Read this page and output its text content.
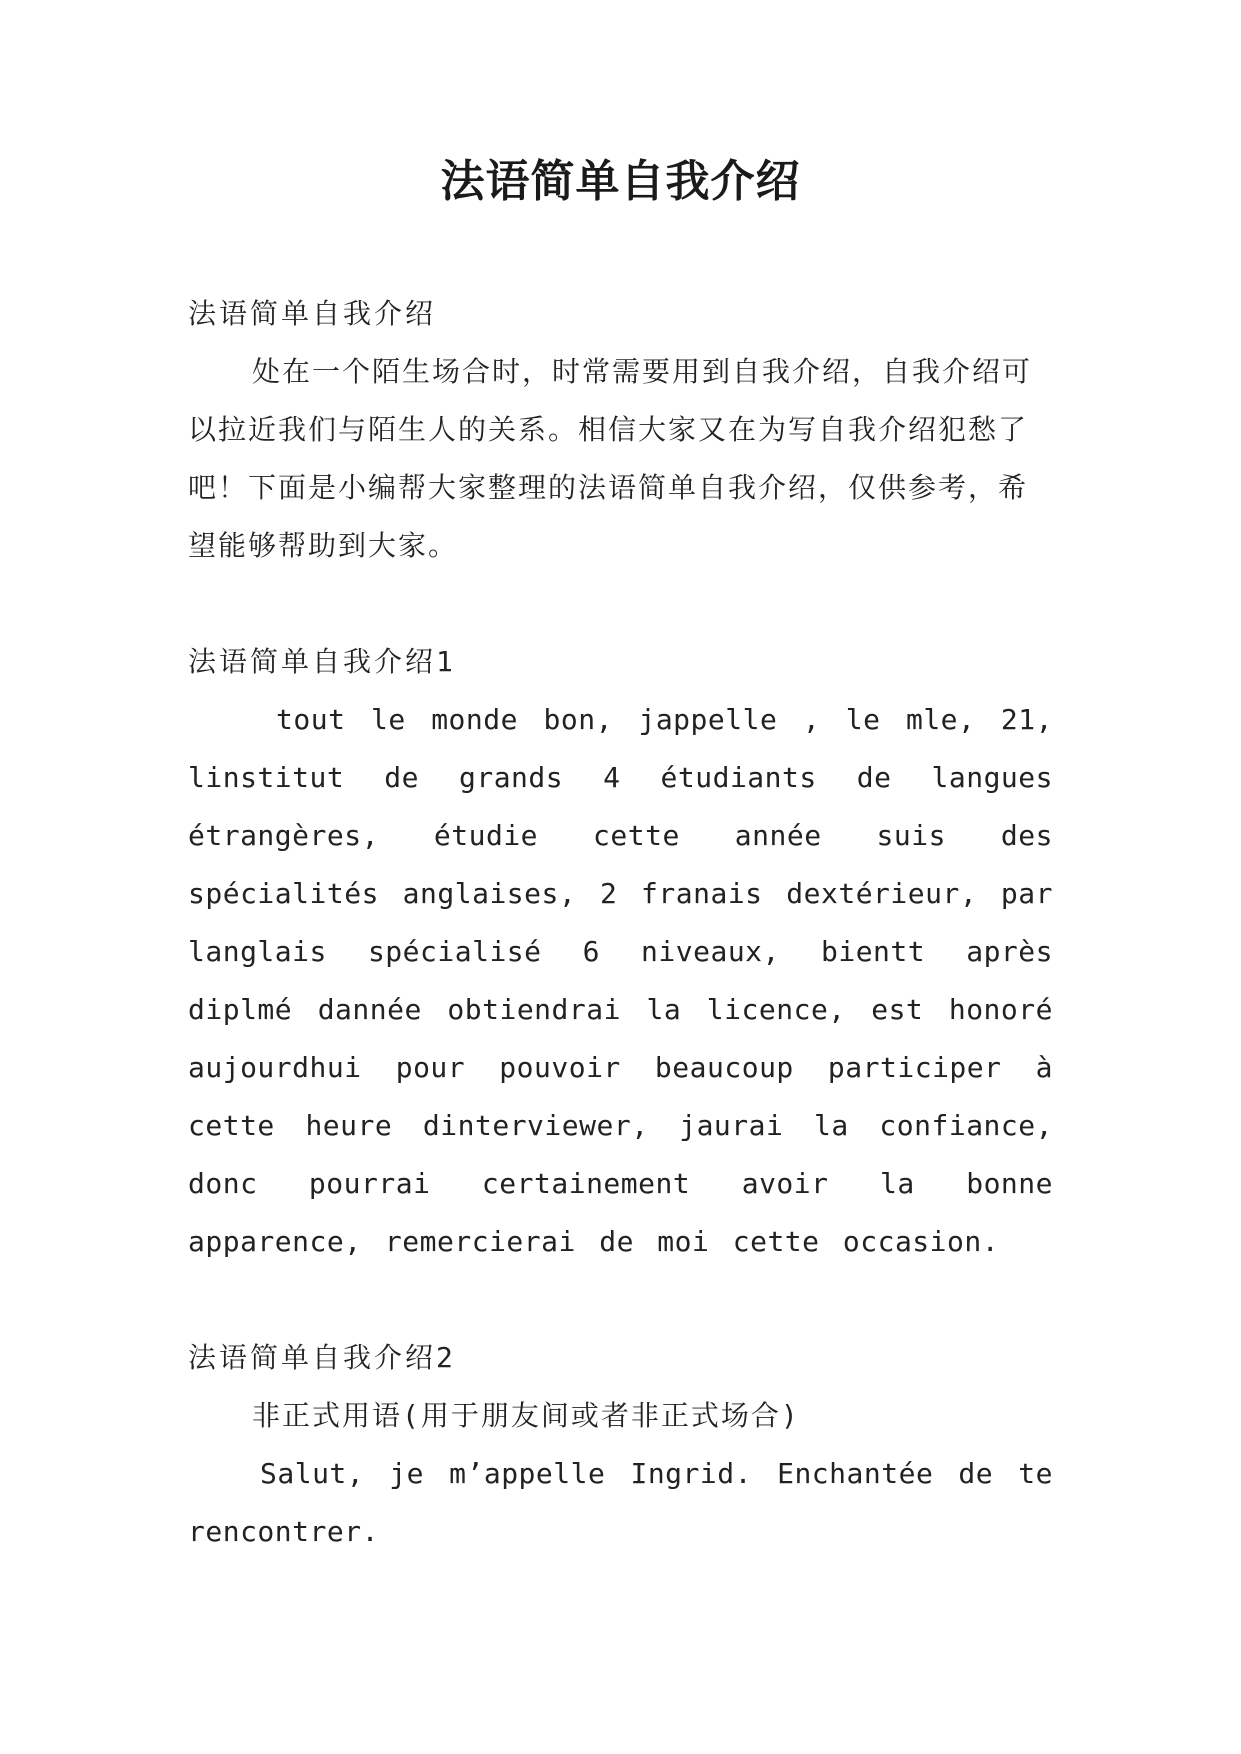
法语简单自我介绍

法语简单自我介绍

处在一个陌生场合时，时常需要用到自我介绍，自我介绍可以拉近我们与陌生人的关系。相信大家又在为写自我介绍犯愁了吧！下面是小编帮大家整理的法语简单自我介绍，仅供参考，希望能够帮助到大家。

法语简单自我介绍1

tout le monde bon, jappelle , le mle, 21, linstitut de grands 4 étudiants de langues étrangères, étudie cette année suis des spécialités anglaises, 2 franais dextérieur, par langlais spécialisé 6 niveaux, bientt après diplmé dannée obtiendrai la licence, est honoré aujourdhui pour pouvoir beaucoup participer à cette heure dinterviewer, jaurai la confiance, donc pourrai certainement avoir la bonne apparence, remercierai de moi cette occasion.

法语简单自我介绍2

非正式用语(用于朋友间或者非正式场合)

Salut, je m’appelle Ingrid. Enchantée de te rencontrer.
